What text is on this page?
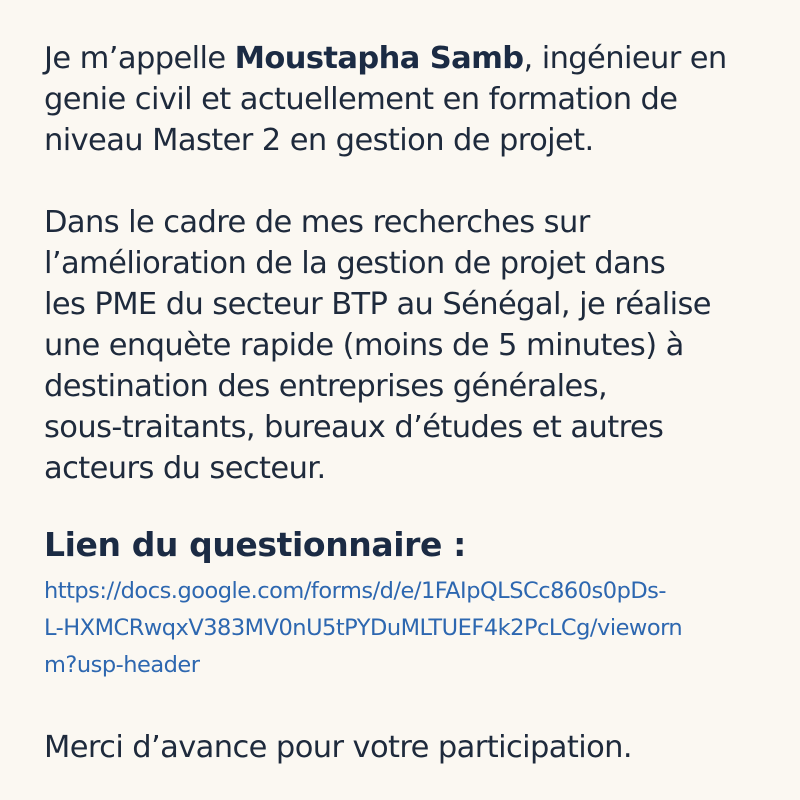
Je m’appelle Moustapha Samb, ingénieur en
genie civil et actuellement en formation de
niveau Master 2 en gestion de projet.

Dans le cadre de mes recherches sur
l’amélioration de la gestion de projet dans
les PME du secteur BTP au Sénégal, je réalise
une enquète rapide (moins de 5 minutes) à
destination des entreprises générales,
sous-traitants, bureaux d’études et autres
acteurs du secteur.

Lien du questionnaire :
https://docs.google.com/forms/d/e/1FAIpQLSCc860s0pDs-
L-HXMCRwqxV383MV0nU5tPYDuMLTUEF4k2PcLCg/vieworn
m?usp-header

Merci d’avance pour votre participation.
